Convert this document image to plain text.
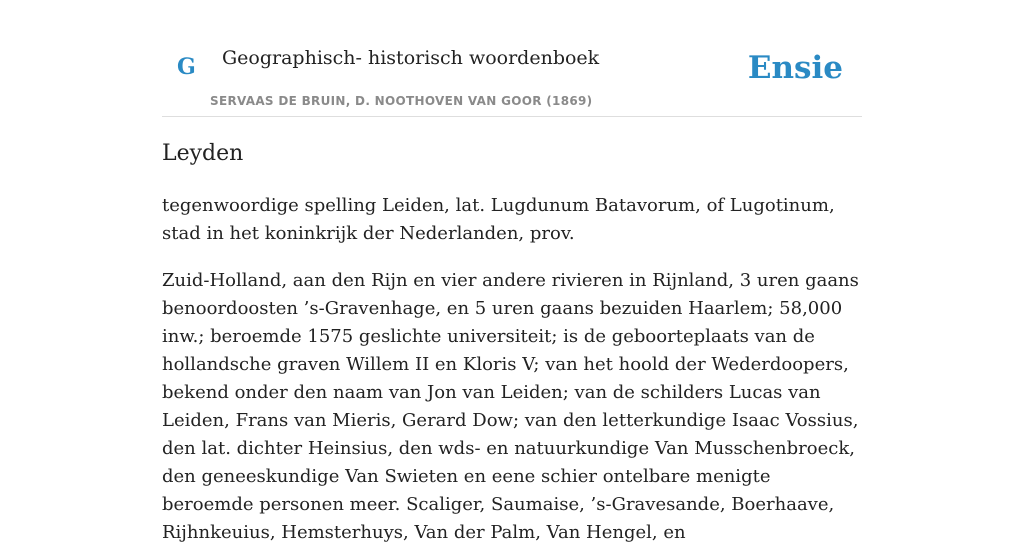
G Geographisch- historisch woordenboek
SERVAAS DE BRUIN, D. NOOTHOVEN VAN GOOR (1869)
Ensie
Leyden

tegenwoordige spelling Leiden, lat. Lugdunum Batavorum, of Lugotinum, stad in het koninkrijk der Nederlanden, prov.

Zuid-Holland, aan den Rijn en vier andere rivieren in Rijnland, 3 uren gaans benoordoosten ’s-Gravenhage, en 5 uren gaans bezuiden Haarlem; 58,000 inw.; beroemde 1575 geslichte universiteit; is de geboorteplaats van de hollandsche graven Willem II en Kloris V; van het hoold der Wederdoopers, bekend onder den naam van Jon van Leiden; van de schilders Lucas van Leiden, Frans van Mieris, Gerard Dow; van den letterkundige Isaac Vossius, den lat. dichter Heinsius, den wds- en natuurkundige Van Musschenbroeck, den geneeskundige Van Swieten en eene schier ontelbare menigte beroemde personen meer. Scaliger, Saumaise, ’s-Gravesande, Boerhaave, Rijhnkeuius, Hemsterhuys, Van der Palm, Van Hengel, en
